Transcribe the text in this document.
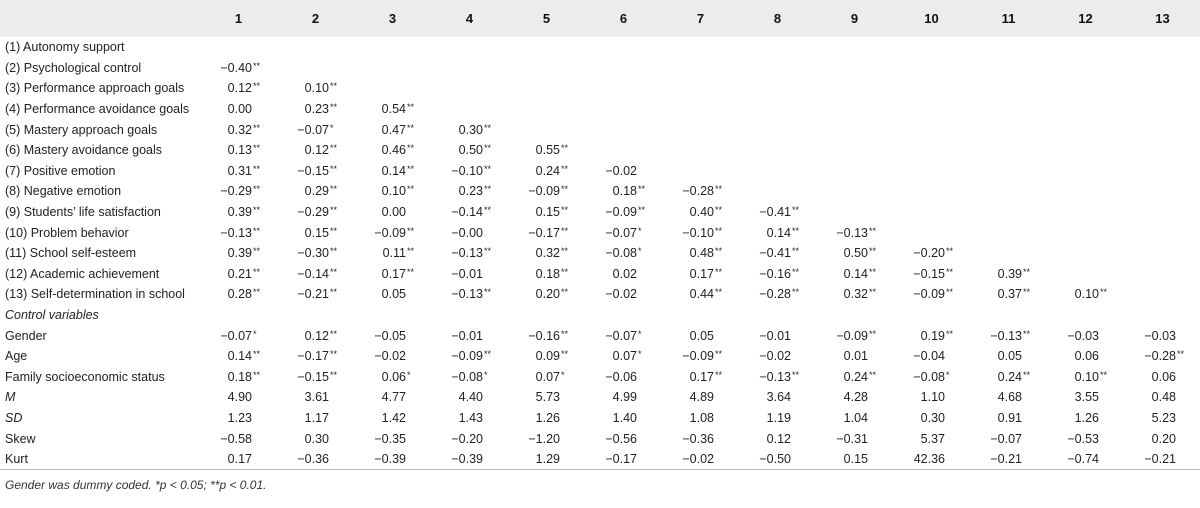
	1	2	3	4	5	6	7	8	9	10	11	12	13
(1) Autonomy support													
(2) Psychological control	−0.40**												
(3) Performance approach goals	0.12**	0.10**											
(4) Performance avoidance goals	0.00	0.23**	0.54**										
(5) Mastery approach goals	0.32**	−0.07*	0.47**	0.30**									
(6) Mastery avoidance goals	0.13**	0.12**	0.46**	0.50**	0.55**								
(7) Positive emotion	0.31**	−0.15**	0.14**	−0.10**	0.24**	−0.02							
(8) Negative emotion	−0.29**	0.29**	0.10**	0.23**	−0.09**	0.18**	−0.28**						
(9) Students’ life satisfaction	0.39**	−0.29**	0.00	−0.14**	0.15**	−0.09**	0.40**	−0.41**					
(10) Problem behavior	−0.13**	0.15**	−0.09**	−0.00	−0.17**	−0.07*	−0.10**	0.14**	−0.13**				
(11) School self-esteem	0.39**	−0.30**	0.11**	−0.13**	0.32**	−0.08*	0.48**	−0.41**	0.50**	−0.20**			
(12) Academic achievement	0.21**	−0.14**	0.17**	−0.01	0.18**	0.02	0.17**	−0.16**	0.14**	−0.15**	0.39**		
(13) Self-determination in school	0.28**	−0.21**	0.05	−0.13**	0.20**	−0.02	0.44**	−0.28**	0.32**	−0.09**	0.37**	0.10**	
Control variables													
Gender	−0.07*	0.12**	−0.05	−0.01	−0.16**	−0.07*	0.05	−0.01	−0.09**	0.19**	−0.13**	−0.03	−0.03
Age	0.14**	−0.17**	−0.02	−0.09**	0.09**	0.07*	−0.09**	−0.02	0.01	−0.04	0.05	0.06	−0.28**
Family socioeconomic status	0.18**	−0.15**	0.06*	−0.08*	0.07*	−0.06	0.17**	−0.13**	0.24**	−0.08*	0.24**	0.10**	0.06
M	4.90	3.61	4.77	4.40	5.73	4.99	4.89	3.64	4.28	1.10	4.68	3.55	0.48
SD	1.23	1.17	1.42	1.43	1.26	1.40	1.08	1.19	1.04	0.30	0.91	1.26	5.23
Skew	−0.58	0.30	−0.35	−0.20	−1.20	−0.56	−0.36	0.12	−0.31	5.37	−0.07	−0.53	0.20
Kurt	0.17	−0.36	−0.39	−0.39	1.29	−0.17	−0.02	−0.50	0.15	42.36	−0.21	−0.74	−0.21
Gender was dummy coded. *p < 0.05; **p < 0.01.
